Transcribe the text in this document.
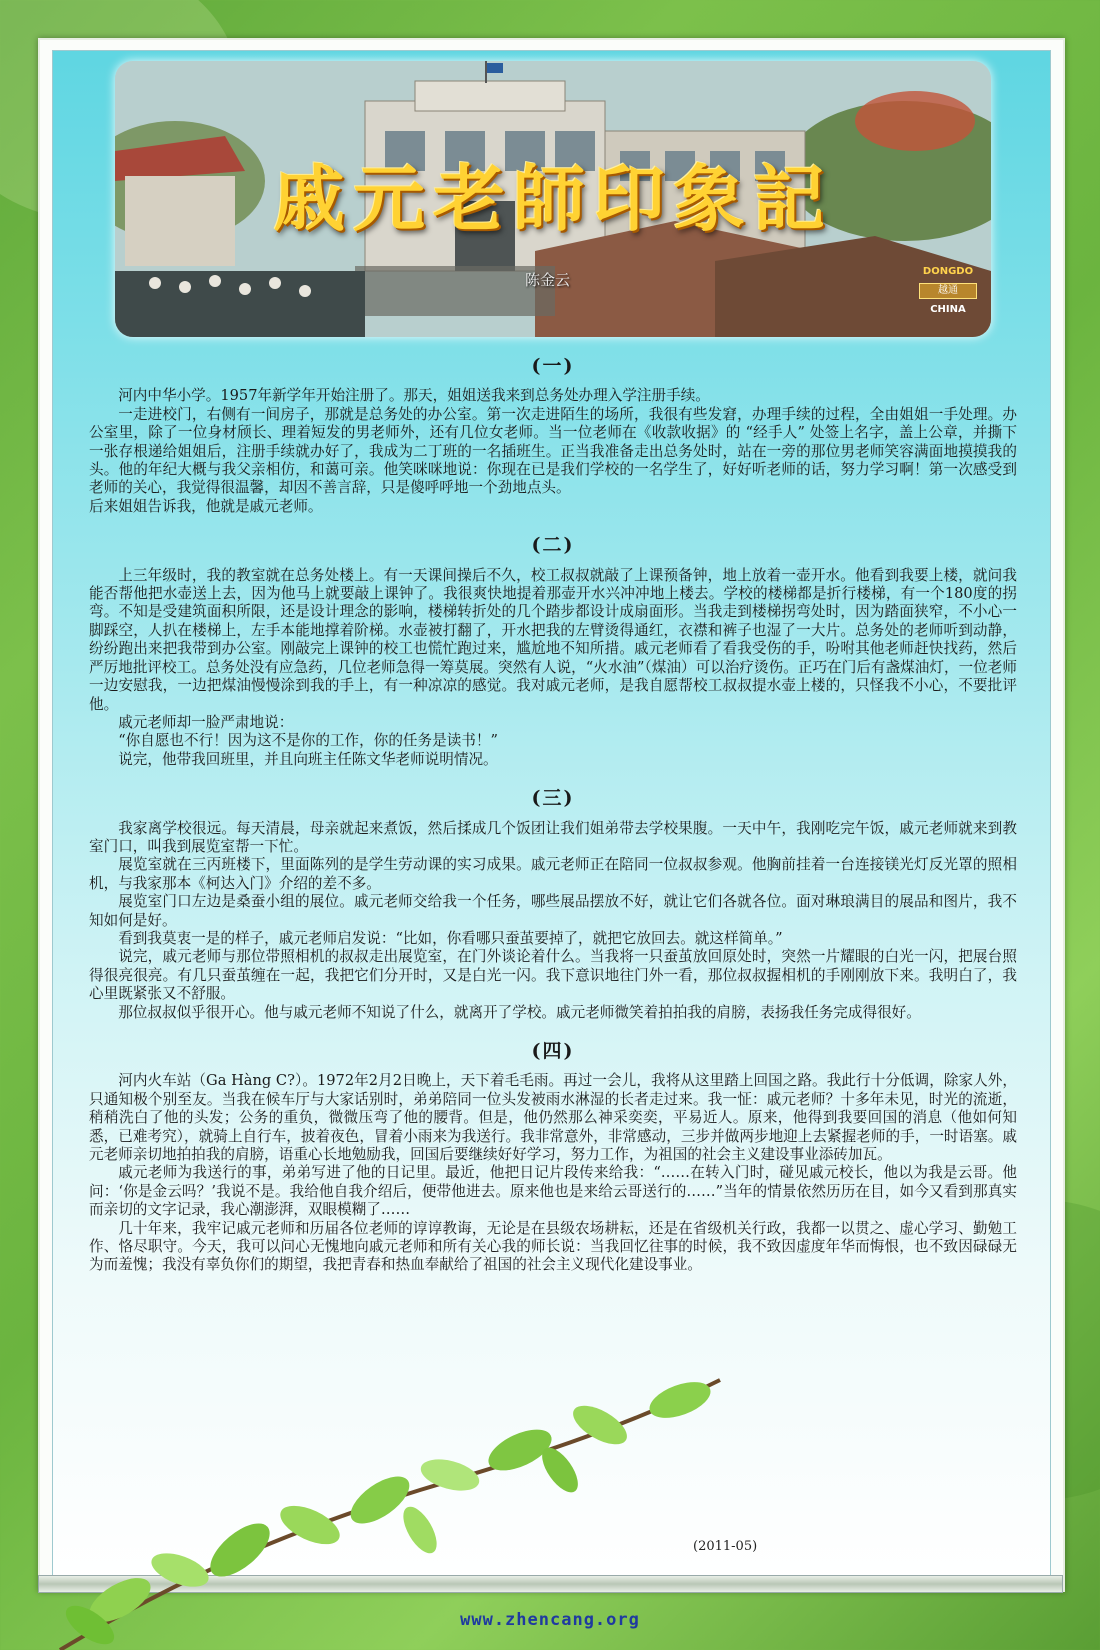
戚元老師印象記
陈金云	DONGDO
越通
CHINA
(一)

河内中华小学。1957年新学年开始注册了。那天，姐姐送我来到总务处办理入学注册手续。

一走进校门，右侧有一间房子，那就是总务处的办公室。第一次走进陌生的场所，我很有些发窘，办理手续的过程，全由姐姐一手处理。办公室里，除了一位身材颀长、理着短发的男老师外，还有几位女老师。当一位老师在《收款收据》的 “经手人” 处签上名字，盖上公章，并撕下一张存根递给姐姐后，注册手续就办好了，我成为二丁班的一名插班生。正当我准备走出总务处时，站在一旁的那位男老师笑容满面地摸摸我的头。他的年纪大概与我父亲相仿，和蔼可亲。他笑咪咪地说：你现在已是我们学校的一名学生了，好好听老师的话，努力学习啊！第一次感受到老师的关心，我觉得很温馨，却因不善言辞，只是傻呼呼地一个劲地点头。

后来姐姐告诉我，他就是戚元老师。

(二)

上三年级时，我的教室就在总务处楼上。有一天课间操后不久，校工叔叔就敲了上课预备钟，地上放着一壶开水。他看到我要上楼，就问我能否帮他把水壶送上去，因为他马上就要敲上课钟了。我很爽快地提着那壶开水兴冲冲地上楼去。学校的楼梯都是折行楼梯，有一个180度的拐弯。不知是受建筑面积所限，还是设计理念的影响，楼梯转折处的几个踏步都设计成扇面形。当我走到楼梯拐弯处时，因为踏面狭窄，不小心一脚踩空，人扒在楼梯上，左手本能地撑着阶梯。水壶被打翻了，开水把我的左臂烫得通红，衣襟和裤子也湿了一大片。总务处的老师听到动静，纷纷跑出来把我带到办公室。刚敲完上课钟的校工也慌忙跑过来，尴尬地不知所措。戚元老师看了看我受伤的手，吩咐其他老师赶快找药，然后严厉地批评校工。总务处没有应急药，几位老师急得一筹莫展。突然有人说，“火水油”（煤油）可以治疗烫伤。正巧在门后有盏煤油灯，一位老师一边安慰我，一边把煤油慢慢涂到我的手上，有一种凉凉的感觉。我对戚元老师，是我自愿帮校工叔叔提水壶上楼的，只怪我不小心，不要批评他。

戚元老师却一脸严肃地说：

“你自愿也不行！因为这不是你的工作，你的任务是读书！”

说完，他带我回班里，并且向班主任陈文华老师说明情况。

(三)

我家离学校很远。每天清晨，母亲就起来煮饭，然后揉成几个饭团让我们姐弟带去学校果腹。一天中午，我刚吃完午饭，戚元老师就来到教室门口，叫我到展览室帮一下忙。

展览室就在三丙班楼下，里面陈列的是学生劳动课的实习成果。戚元老师正在陪同一位叔叔参观。他胸前挂着一台连接镁光灯反光罩的照相机，与我家那本《柯达入门》介绍的差不多。

展览室门口左边是桑蚕小组的展位。戚元老师交给我一个任务，哪些展品摆放不好，就让它们各就各位。面对琳琅满目的展品和图片，我不知如何是好。

看到我莫衷一是的样子，戚元老师启发说：“比如，你看哪只蚕茧要掉了，就把它放回去。就这样简单。”

说完，戚元老师与那位带照相机的叔叔走出展览室，在门外谈论着什么。当我将一只蚕茧放回原处时，突然一片耀眼的白光一闪，把展台照得很亮很亮。有几只蚕茧缠在一起，我把它们分开时，又是白光一闪。我下意识地往门外一看，那位叔叔握相机的手刚刚放下来。我明白了，我心里既紧张又不舒服。

那位叔叔似乎很开心。他与戚元老师不知说了什么，就离开了学校。戚元老师微笑着拍拍我的肩膀，表扬我任务完成得很好。

(四)

河内火车站（Ga Hàng C?）。1972年2月2日晚上，天下着毛毛雨。再过一会儿，我将从这里踏上回国之路。我此行十分低调，除家人外，只通知极个别至友。当我在候车厅与大家话别时，弟弟陪同一位头发被雨水淋湿的长者走过来。我一怔：戚元老师？十多年未见，时光的流逝，稍稍洗白了他的头发；公务的重负，微微压弯了他的腰背。但是，他仍然那么神采奕奕，平易近人。原来，他得到我要回国的消息（他如何知悉，已难考究），就骑上自行车，披着夜色，冒着小雨来为我送行。我非常意外，非常感动，三步并做两步地迎上去紧握老师的手，一时语塞。戚元老师亲切地拍拍我的肩膀，语重心长地勉励我，回国后要继续好好学习，努力工作，为祖国的社会主义建设事业添砖加瓦。

戚元老师为我送行的事，弟弟写进了他的日记里。最近，他把日记片段传来给我：“……在转入门时，碰见戚元校长，他以为我是云哥。他问：‘你是金云吗？’我说不是。我给他自我介绍后，便带他进去。原来他也是来给云哥送行的……”当年的情景依然历历在目，如今又看到那真实而亲切的文字记录，我心潮澎湃，双眼模糊了……

几十年来，我牢记戚元老师和历届各位老师的谆谆教诲，无论是在县级农场耕耘，还是在省级机关行政，我都一以贯之、虚心学习、勤勉工作、恪尽职守。今天，我可以问心无愧地向戚元老师和所有关心我的师长说：当我回忆往事的时候，我不致因虚度年华而悔恨，也不致因碌碌无为而羞愧；我没有辜负你们的期望，我把青春和热血奉献给了祖国的社会主义现代化建设事业。

(2011-05)
www.zhencang.org
